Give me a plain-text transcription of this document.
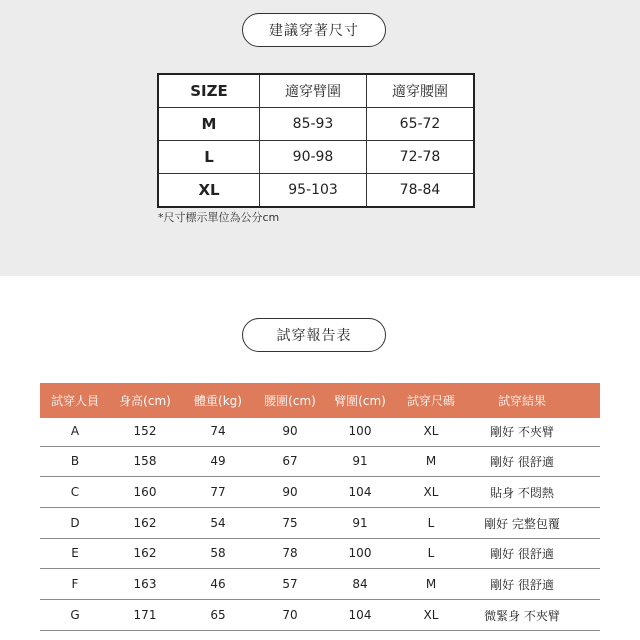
建議穿著尺寸
SIZE	適穿臂圍	適穿腰圍
M	85-93	65-72
L	90-98	72-78
XL	95-103	78-84
*尺寸標示單位為公分cm
試穿報告表
試穿人員	身高(cm)	體重(kg)	腰圍(cm)	臂圍(cm)	試穿尺碼	試穿結果
A	152	74	90	100	XL	剛好 不夾臂
B	158	49	67	91	M	剛好 很舒適
C	160	77	90	104	XL	貼身 不悶熱
D	162	54	75	91	L	剛好 完整包覆
E	162	58	78	100	L	剛好 很舒適
F	163	46	57	84	M	剛好 很舒適
G	171	65	70	104	XL	微緊身 不夾臂
